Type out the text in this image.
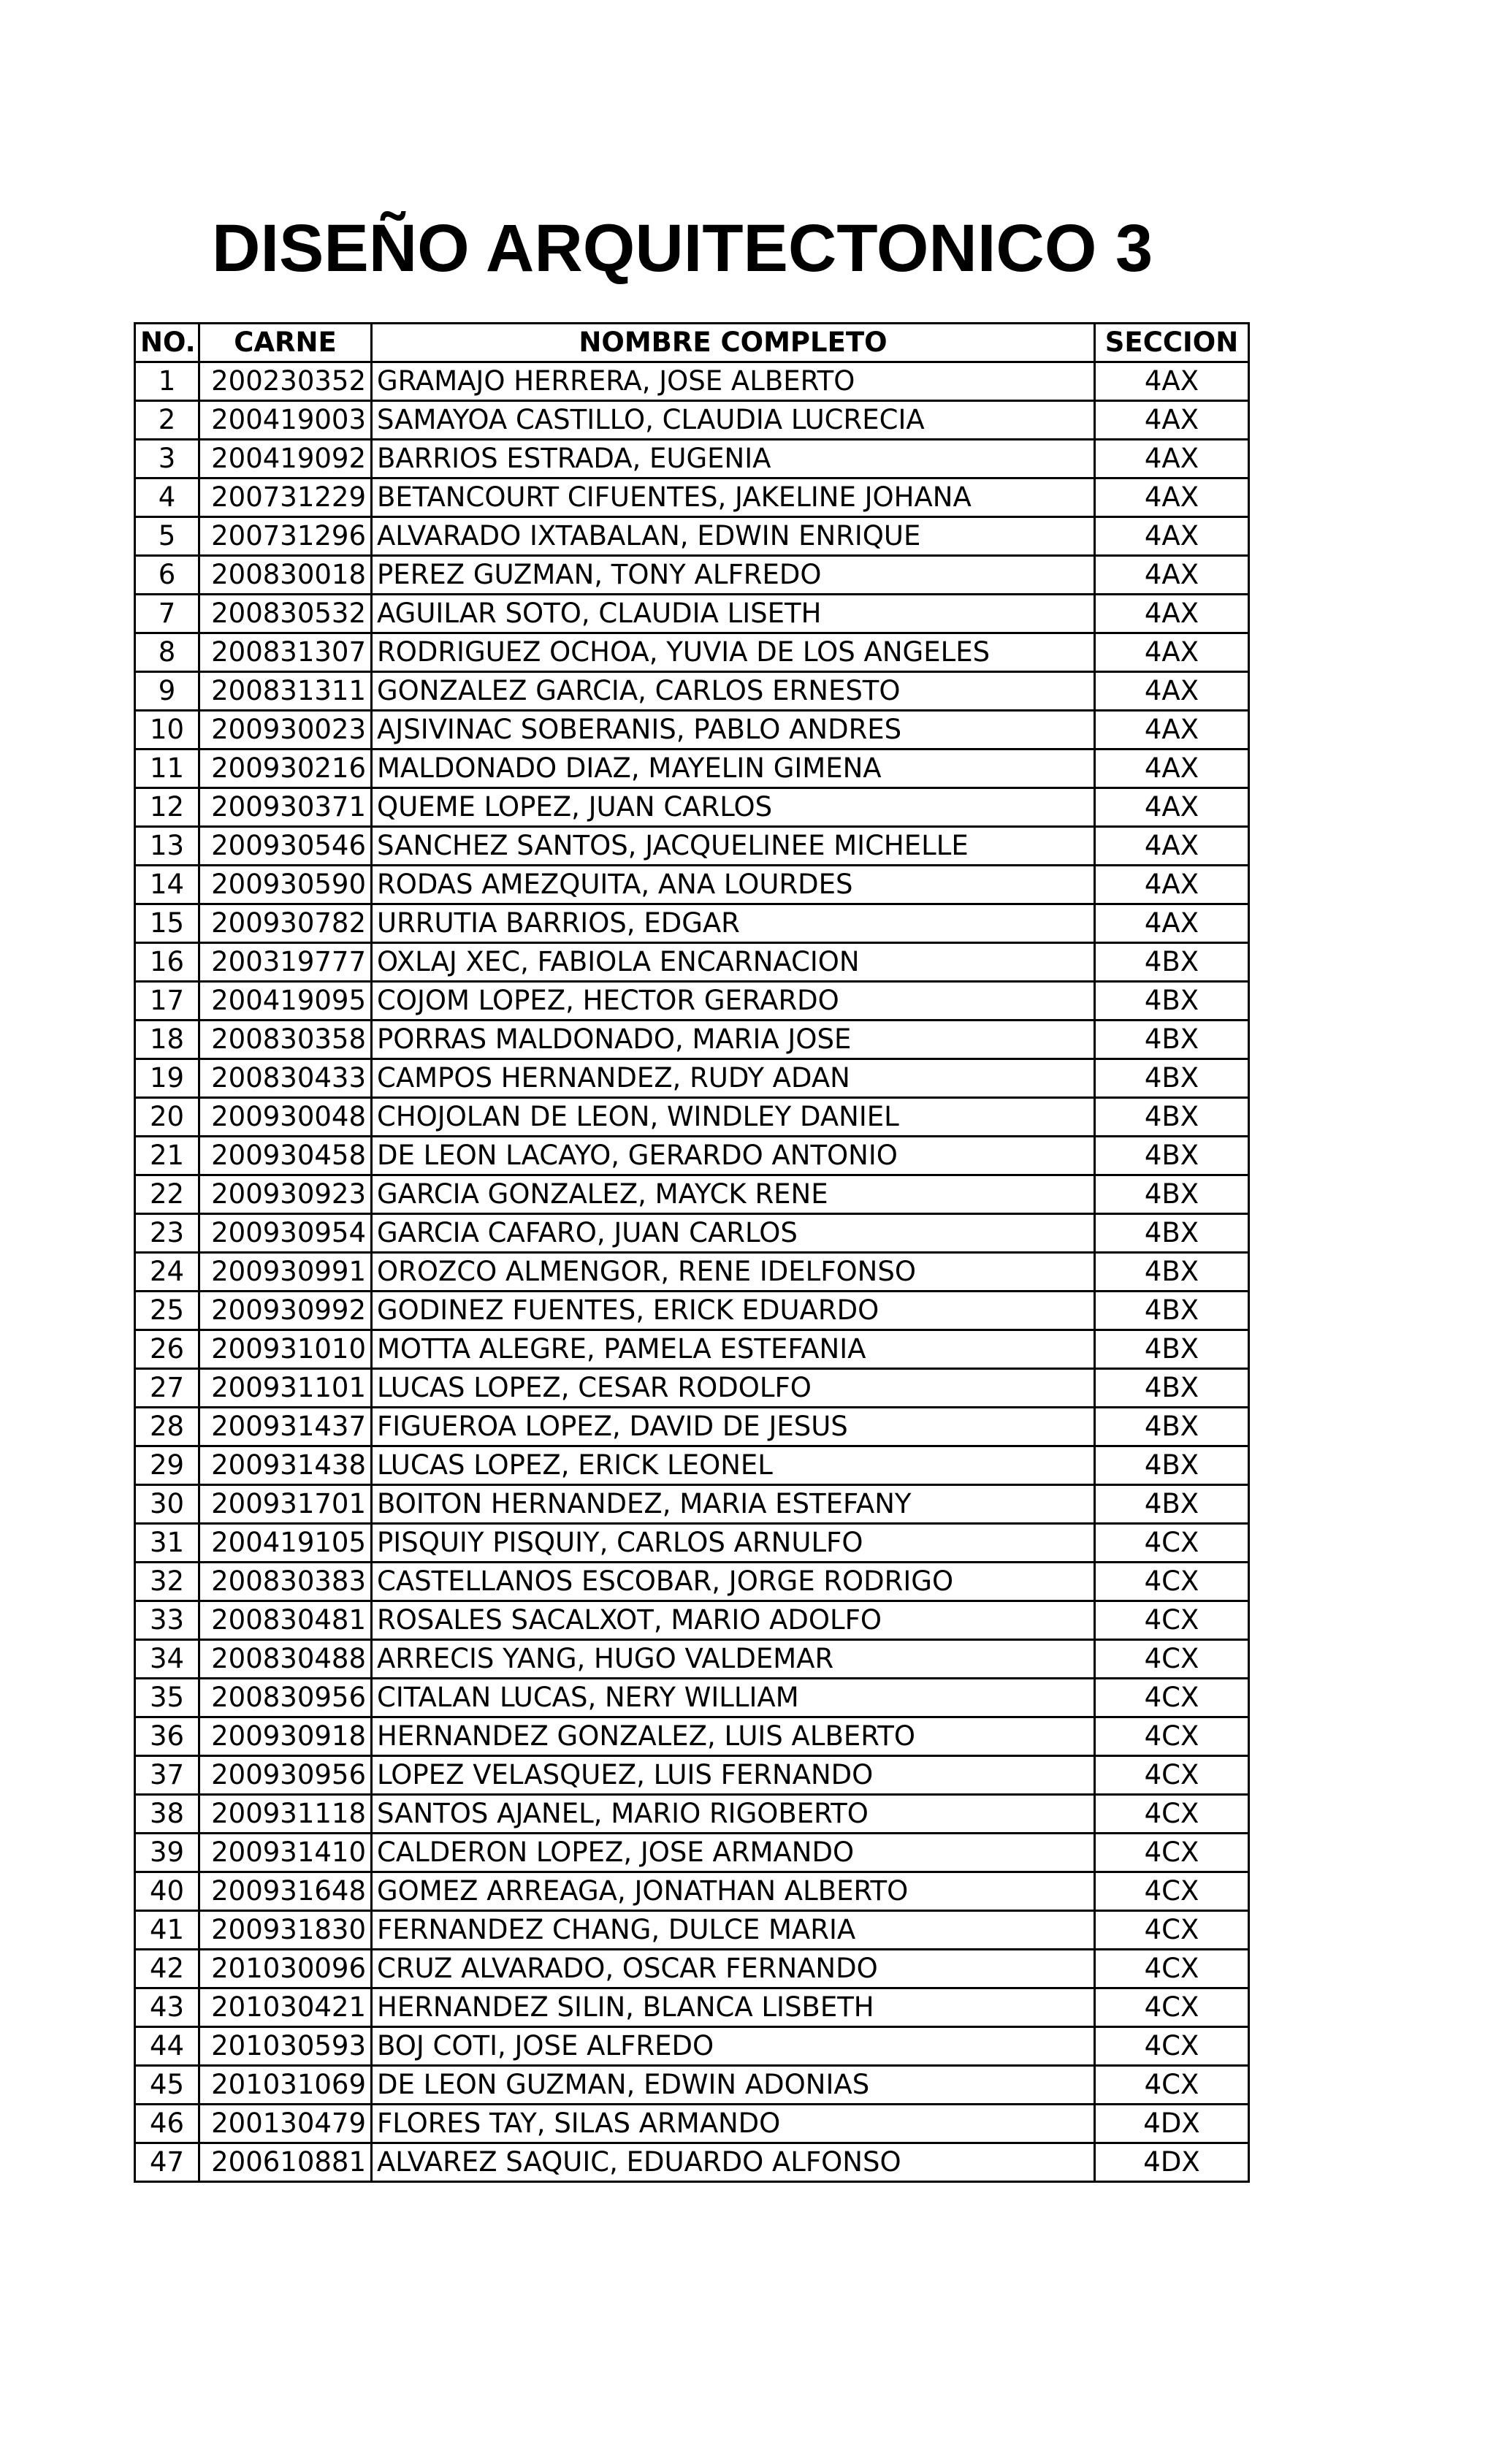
DISEÑO ARQUITECTONICO 3
NO.	CARNE	NOMBRE COMPLETO	SECCION
1	200230352	GRAMAJO HERRERA, JOSE ALBERTO	4AX
2	200419003	SAMAYOA CASTILLO, CLAUDIA LUCRECIA	4AX
3	200419092	BARRIOS ESTRADA, EUGENIA	4AX
4	200731229	BETANCOURT CIFUENTES, JAKELINE JOHANA	4AX
5	200731296	ALVARADO IXTABALAN, EDWIN ENRIQUE	4AX
6	200830018	PEREZ GUZMAN, TONY ALFREDO	4AX
7	200830532	AGUILAR SOTO, CLAUDIA LISETH	4AX
8	200831307	RODRIGUEZ OCHOA, YUVIA DE LOS ANGELES	4AX
9	200831311	GONZALEZ GARCIA, CARLOS ERNESTO	4AX
10	200930023	AJSIVINAC SOBERANIS, PABLO ANDRES	4AX
11	200930216	MALDONADO DIAZ, MAYELIN GIMENA	4AX
12	200930371	QUEME LOPEZ, JUAN CARLOS	4AX
13	200930546	SANCHEZ SANTOS, JACQUELINEE MICHELLE	4AX
14	200930590	RODAS AMEZQUITA, ANA LOURDES	4AX
15	200930782	URRUTIA BARRIOS, EDGAR	4AX
16	200319777	OXLAJ XEC, FABIOLA ENCARNACION	4BX
17	200419095	COJOM LOPEZ, HECTOR GERARDO	4BX
18	200830358	PORRAS MALDONADO, MARIA JOSE	4BX
19	200830433	CAMPOS HERNANDEZ, RUDY ADAN	4BX
20	200930048	CHOJOLAN DE LEON, WINDLEY DANIEL	4BX
21	200930458	DE LEON LACAYO, GERARDO ANTONIO	4BX
22	200930923	GARCIA GONZALEZ, MAYCK RENE	4BX
23	200930954	GARCIA CAFARO, JUAN CARLOS	4BX
24	200930991	OROZCO ALMENGOR, RENE IDELFONSO	4BX
25	200930992	GODINEZ FUENTES, ERICK EDUARDO	4BX
26	200931010	MOTTA ALEGRE, PAMELA ESTEFANIA	4BX
27	200931101	LUCAS LOPEZ, CESAR RODOLFO	4BX
28	200931437	FIGUEROA LOPEZ, DAVID DE JESUS	4BX
29	200931438	LUCAS LOPEZ, ERICK LEONEL	4BX
30	200931701	BOITON HERNANDEZ, MARIA ESTEFANY	4BX
31	200419105	PISQUIY PISQUIY, CARLOS ARNULFO	4CX
32	200830383	CASTELLANOS ESCOBAR, JORGE RODRIGO	4CX
33	200830481	ROSALES SACALXOT, MARIO ADOLFO	4CX
34	200830488	ARRECIS YANG, HUGO VALDEMAR	4CX
35	200830956	CITALAN LUCAS, NERY WILLIAM	4CX
36	200930918	HERNANDEZ GONZALEZ, LUIS ALBERTO	4CX
37	200930956	LOPEZ VELASQUEZ, LUIS FERNANDO	4CX
38	200931118	SANTOS AJANEL, MARIO RIGOBERTO	4CX
39	200931410	CALDERON LOPEZ, JOSE ARMANDO	4CX
40	200931648	GOMEZ ARREAGA, JONATHAN ALBERTO	4CX
41	200931830	FERNANDEZ CHANG, DULCE MARIA	4CX
42	201030096	CRUZ ALVARADO, OSCAR FERNANDO	4CX
43	201030421	HERNANDEZ SILIN, BLANCA LISBETH	4CX
44	201030593	BOJ COTI, JOSE ALFREDO	4CX
45	201031069	DE LEON GUZMAN, EDWIN ADONIAS	4CX
46	200130479	FLORES TAY, SILAS ARMANDO	4DX
47	200610881	ALVAREZ SAQUIC, EDUARDO ALFONSO	4DX
